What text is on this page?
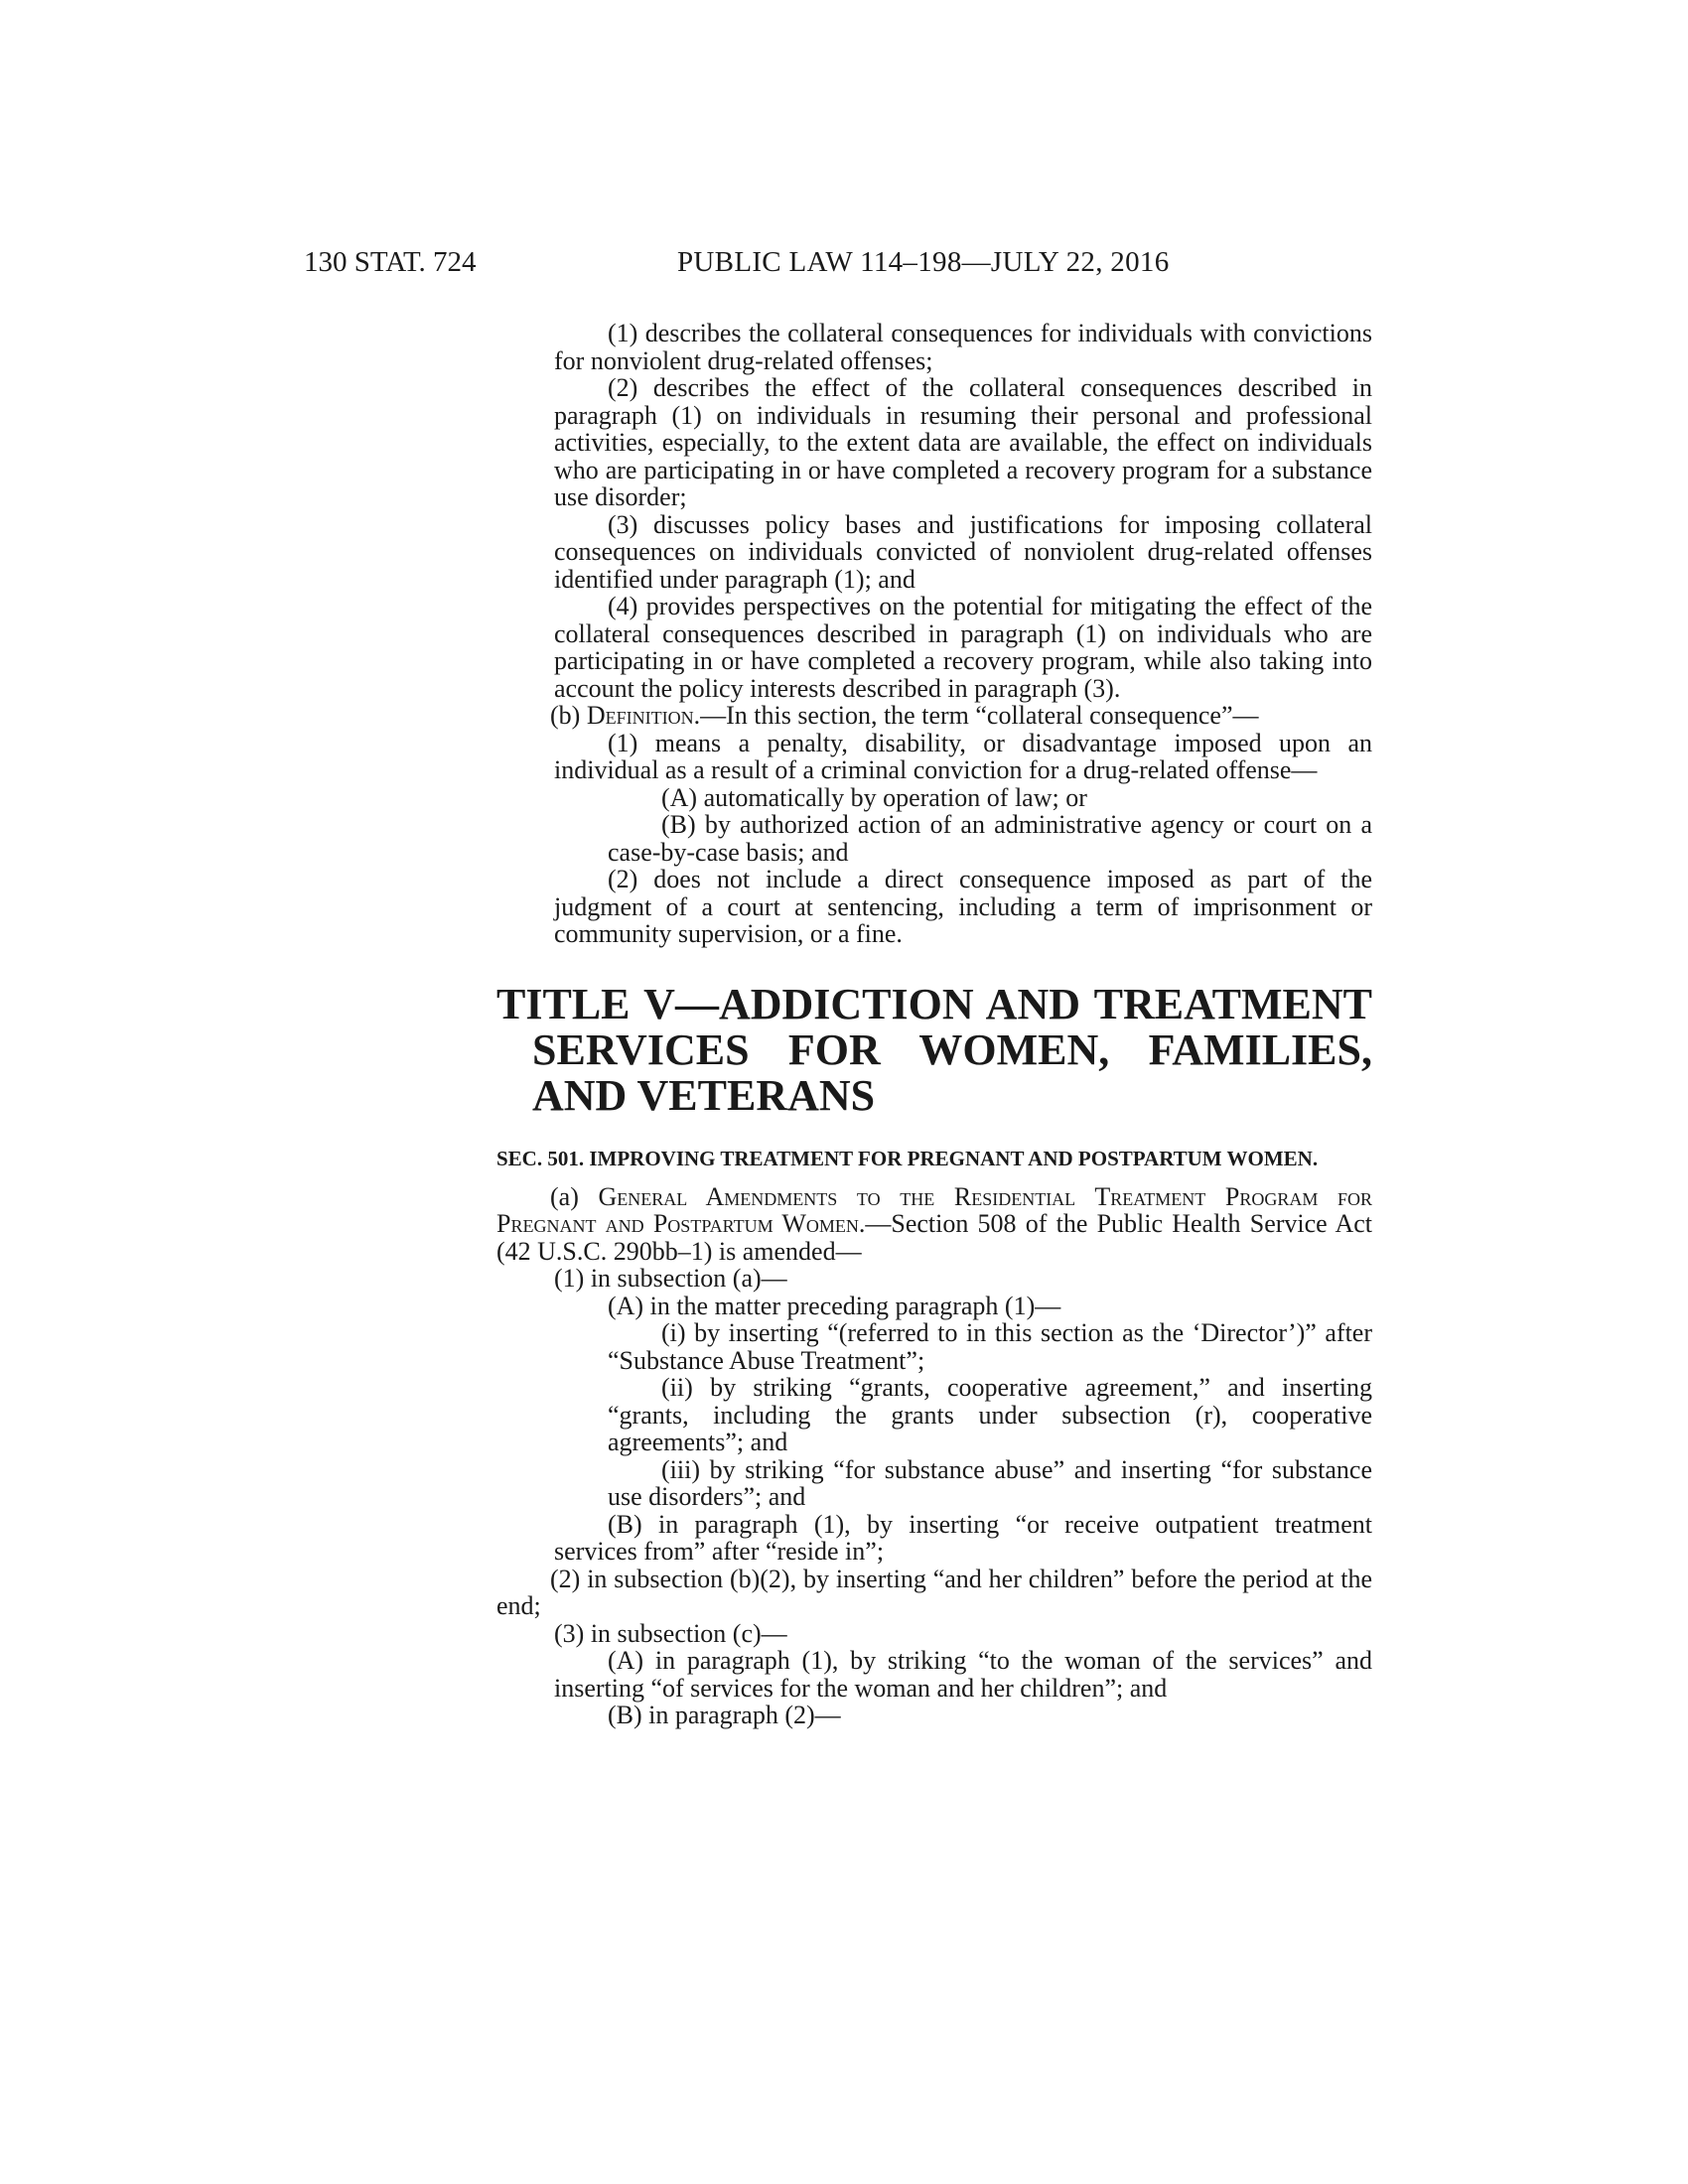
130 STAT. 724	PUBLIC LAW 114–198—JULY 22, 2016

(1) describes the collateral consequences for individuals with convictions for nonviolent drug-related offenses;

(2) describes the effect of the collateral consequences described in paragraph (1) on individuals in resuming their personal and professional activities, especially, to the extent data are available, the effect on individuals who are participating in or have completed a recovery program for a substance use disorder;

(3) discusses policy bases and justifications for imposing collateral consequences on individuals convicted of nonviolent drug-related offenses identified under paragraph (1); and

(4) provides perspectives on the potential for mitigating the effect of the collateral consequences described in paragraph (1) on individuals who are participating in or have completed a recovery program, while also taking into account the policy interests described in paragraph (3).

(b) Definition.—In this section, the term “collateral consequence”—

(1) means a penalty, disability, or disadvantage imposed upon an individual as a result of a criminal conviction for a drug-related offense—

(A) automatically by operation of law; or

(B) by authorized action of an administrative agency or court on a case-by-case basis; and

(2) does not include a direct consequence imposed as part of the judgment of a court at sentencing, including a term of imprisonment or community supervision, or a fine.

TITLE V—ADDICTION AND TREATMENT SERVICES FOR WOMEN, FAMILIES, AND VETERANS
SEC. 501. IMPROVING TREATMENT FOR PREGNANT AND POSTPARTUM WOMEN.

(a) General Amendments to the Residential Treatment Program for Pregnant and Postpartum Women.—Section 508 of the Public Health Service Act (42 U.S.C. 290bb–1) is amended—

(1) in subsection (a)—

(A) in the matter preceding paragraph (1)—

(i) by inserting “(referred to in this section as the ‘Director’)” after “Substance Abuse Treatment”;

(ii) by striking “grants, cooperative agreement,” and inserting “grants, including the grants under subsection (r), cooperative agreements”; and

(iii) by striking “for substance abuse” and inserting “for substance use disorders”; and

(B) in paragraph (1), by inserting “or receive outpatient treatment services from” after “reside in”;

(2) in subsection (b)(2), by inserting “and her children” before the period at the end;

(3) in subsection (c)—

(A) in paragraph (1), by striking “to the woman of the services” and inserting “of services for the woman and her children”; and

(B) in paragraph (2)—
